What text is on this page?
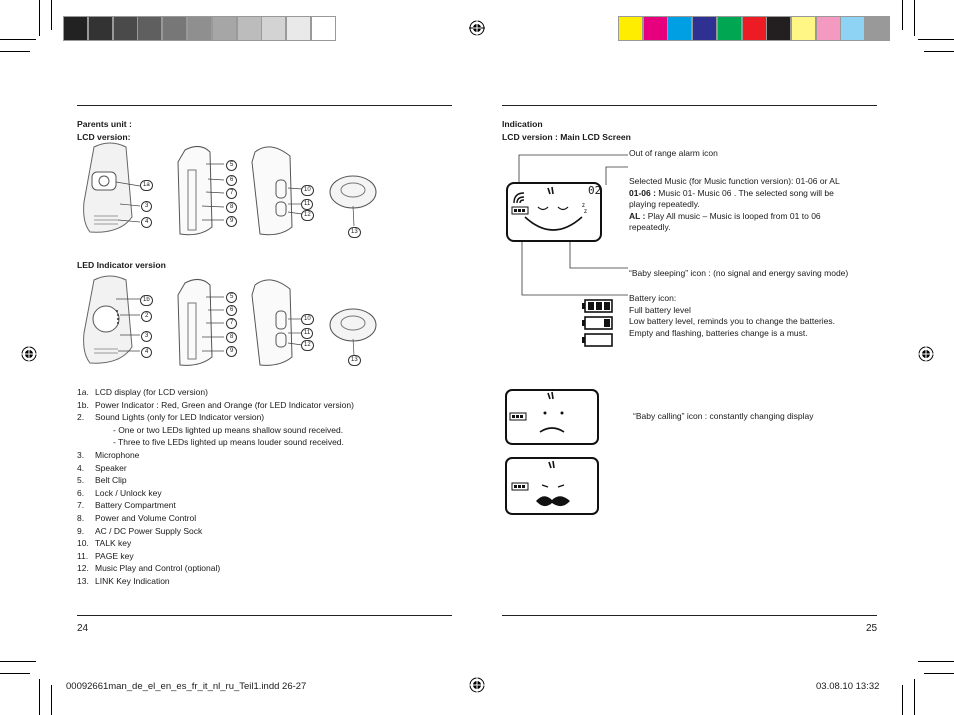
Parents unit :
LCD version:
1a
3
4
5
6
7
8
9
10
11
12
13
LED Indicator version
1b
2
3
4
5
6
7
8
9
10
11
12
13
1a. LCD display (for LCD version)
1b. Power Indicator : Red, Green and Orange (for LED Indicator version)
2.	Sound Lights (only for LED Indicator version)
- One or two LEDs lighted up means shallow sound received.
- Three to five LEDs lighted up means louder sound received.
3.	Microphone
4.	Speaker
5.	Belt Clip
6.	Lock / Unlock key
7.	Battery Compartment
8.	Power and Volume Control
9.	AC / DC Power Supply Sock
10. TALK key
11. PAGE key
12. Music Play and Control (optional)
13. LINK Key Indication
24
Indication
LCD version : Main LCD Screen
z
z
02
Out of range alarm icon
Selected Music (for Music function version): 01-06 or AL
01-06 : Music 01- Music 06 . The selected song will be
playing repeatedly.
AL : Play All music – Music is looped from 01 to 06
repeatedly.
“Baby sleeping” icon : (no signal and energy saving mode)
Battery icon:
Full battery level
Low battery level, reminds you to change the batteries.
Empty and flashing, batteries change is a must.
“Baby calling” icon : constantly changing display
25
00092661man_de_el_en_es_fr_it_nl_ru_Teil1.indd 26-27	03.08.10 13:32
